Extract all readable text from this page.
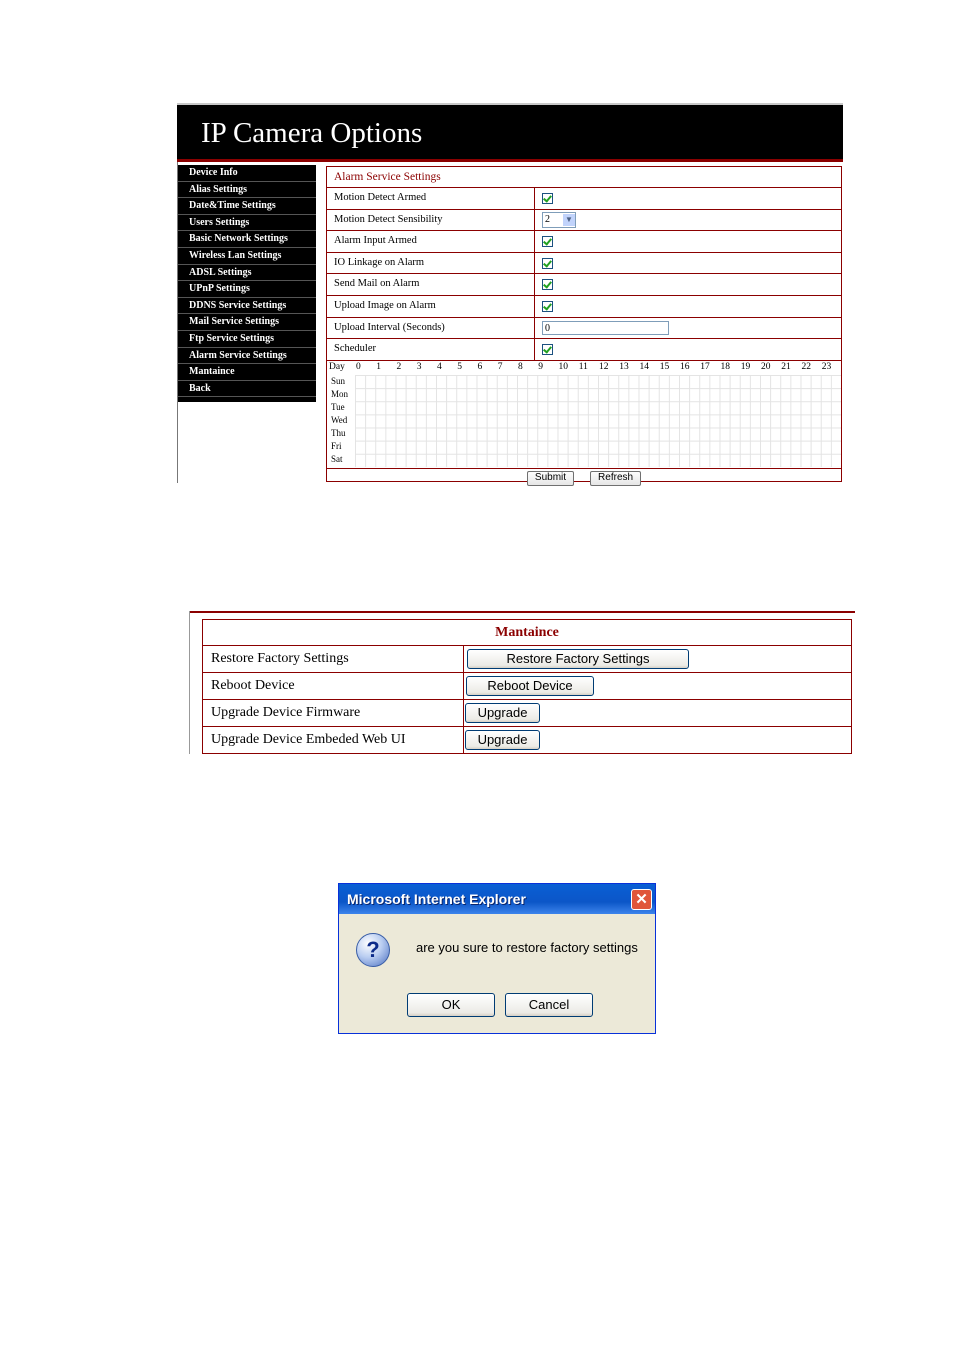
IP Camera Options
Device Info
Alias Settings
Date&Time Settings
Users Settings
Basic Network Settings
Wireless Lan Settings
ADSL Settings
UPnP Settings
DDNS Service Settings
Mail Service Settings
Ftp Service Settings
Alarm Service Settings
Mantaince
Back
Alarm Service Settings
Motion Detect Armed
Motion Detect Sensibility	2	▼
Alarm Input Armed
IO Linkage on Alarm
Send Mail on Alarm
Upload Image on Alarm
Upload Interval (Seconds)	0
Scheduler
Day 0 1 2 3 4 5 6 7 8 9 10 11 12 13 14 15 16 17 18 19 20 21 22 23
Sun
Mon
Tue
Wed
Thu
Fri
Sat
Submit	Refresh
Mantaince
Restore Factory Settings	Restore Factory Settings
Reboot Device	Reboot Device
Upgrade Device Firmware	Upgrade
Upgrade Device Embeded Web UI	Upgrade
Microsoft Internet Explorer	✕
?	are you sure to restore factory settings
OK	Cancel
